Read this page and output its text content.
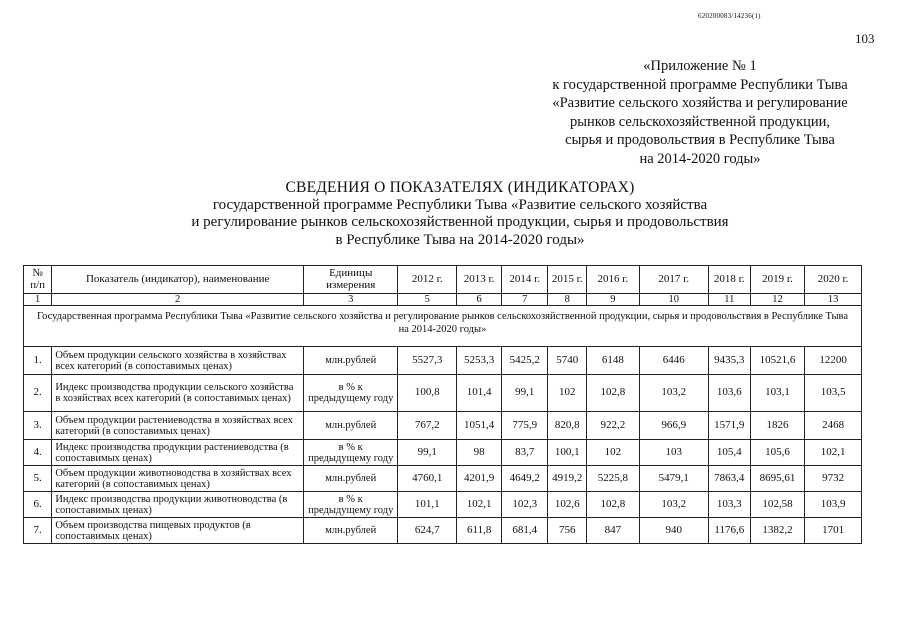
620200083/14236(1)
103
«Приложение № 1
к государственной программе Республики Тыва
«Развитие сельского хозяйства и регулирование
рынков сельскохозяйственной продукции,
сырья и продовольствия в Республике Тыва
на 2014-2020 годы»
СВЕДЕНИЯ О ПОКАЗАТЕЛЯХ (ИНДИКАТОРАХ)
государственной программе Республики Тыва «Развитие сельского хозяйства
и регулирование рынков сельскохозяйственной продукции, сырья и продовольствия
в Республике Тыва на 2014-2020 годы»
№ п/п	Показатель (индикатор), наименование	Единицы измерения	2012 г.	2013 г.	2014 г.	2015 г.	2016 г.	2017 г.	2018 г.	2019 г.	2020 г.
1	2	3	5	6	7	8	9	10	11	12	13
Государственная программа Республики Тыва «Развитие сельского хозяйства и регулирование рынков сельскохозяйственной продукции, сырья и продовольствия в Республике Тыва на 2014-2020 годы»											
1.	Объем продукции сельского хозяйства в хозяйствах всех категорий (в сопоставимых ценах)	млн.рублей	5527,3	5253,3	5425,2	5740	6148	6446	9435,3	10521,6	12200
2.	Индекс производства продукции сельского хозяйства в хозяйствах всех категорий (в сопоставимых ценах)	в % к предыдущему году	100,8	101,4	99,1	102	102,8	103,2	103,6	103,1	103,5
3.	Объем продукции растениеводства в хозяйствах всех категорий (в сопоставимых ценах)	млн.рублей	767,2	1051,4	775,9	820,8	922,2	966,9	1571,9	1826	2468
4.	Индекс производства продукции растениеводства (в сопоставимых ценах)	в % к предыдущему году	99,1	98	83,7	100,1	102	103	105,4	105,6	102,1
5.	Объем продукции животноводства в хозяйствах всех категорий (в сопоставимых ценах)	млн.рублей	4760,1	4201,9	4649,2	4919,2	5225,8	5479,1	7863,4	8695,61	9732
6.	Индекс производства продукции животноводства (в сопоставимых ценах)	в % к предыдущему году	101,1	102,1	102,3	102,6	102,8	103,2	103,3	102,58	103,9
7.	Объем производства пищевых продуктов (в сопоставимых ценах)	млн.рублей	624,7	611,8	681,4	756	847	940	1176,6	1382,2	1701
